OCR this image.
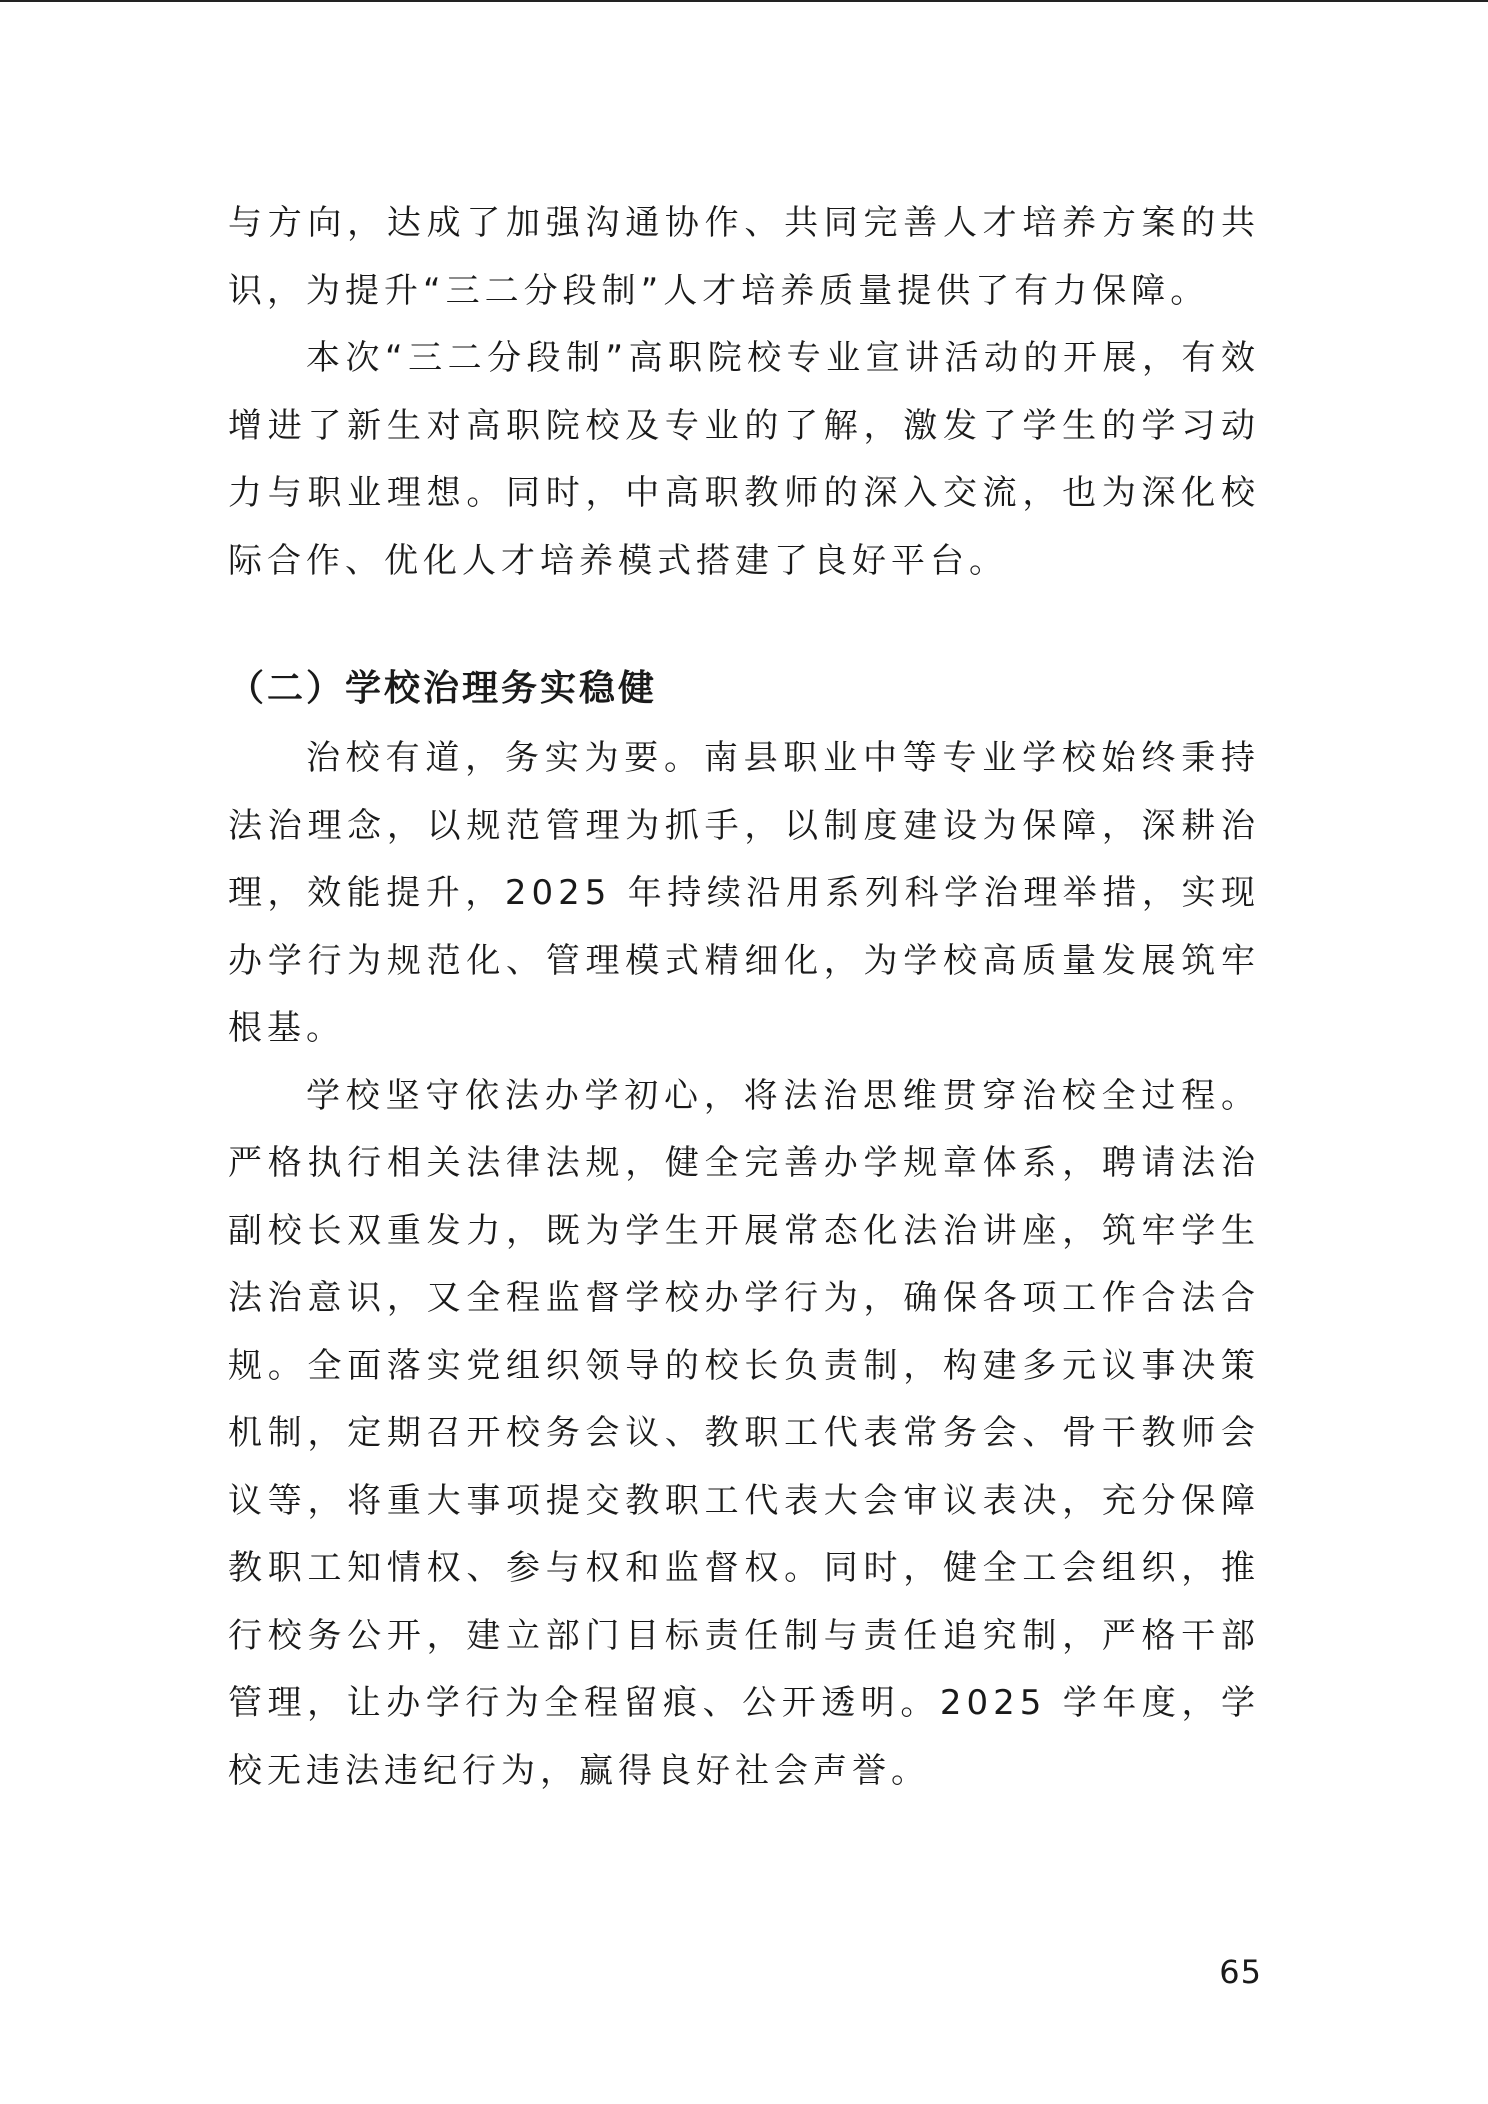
与方向，达成了加强沟通协作、共同完善人才培养方案的共识，为提升“三二分段制”人才培养质量提供了有力保障。

本次“三二分段制”高职院校专业宣讲活动的开展，有效增进了新生对高职院校及专业的了解，激发了学生的学习动力与职业理想。同时，中高职教师的深入交流，也为深化校际合作、优化人才培养模式搭建了良好平台。

（二）学校治理务实稳健

治校有道，务实为要。南县职业中等专业学校始终秉持法治理念，以规范管理为抓手，以制度建设为保障，深耕治理，效能提升，2025 年持续沿用系列科学治理举措，实现办学行为规范化、管理模式精细化，为学校高质量发展筑牢根基。

学校坚守依法办学初心，将法治思维贯穿治校全过程。严格执行相关法律法规，健全完善办学规章体系，聘请法治副校长双重发力，既为学生开展常态化法治讲座，筑牢学生法治意识，又全程监督学校办学行为，确保各项工作合法合规。全面落实党组织领导的校长负责制，构建多元议事决策机制，定期召开校务会议、教职工代表常务会、骨干教师会议等，将重大事项提交教职工代表大会审议表决，充分保障教职工知情权、参与权和监督权。同时，健全工会组织，推行校务公开，建立部门目标责任制与责任追究制，严格干部管理，让办学行为全程留痕、公开透明。2025 学年度，学校无违法违纪行为，赢得良好社会声誉。

65
